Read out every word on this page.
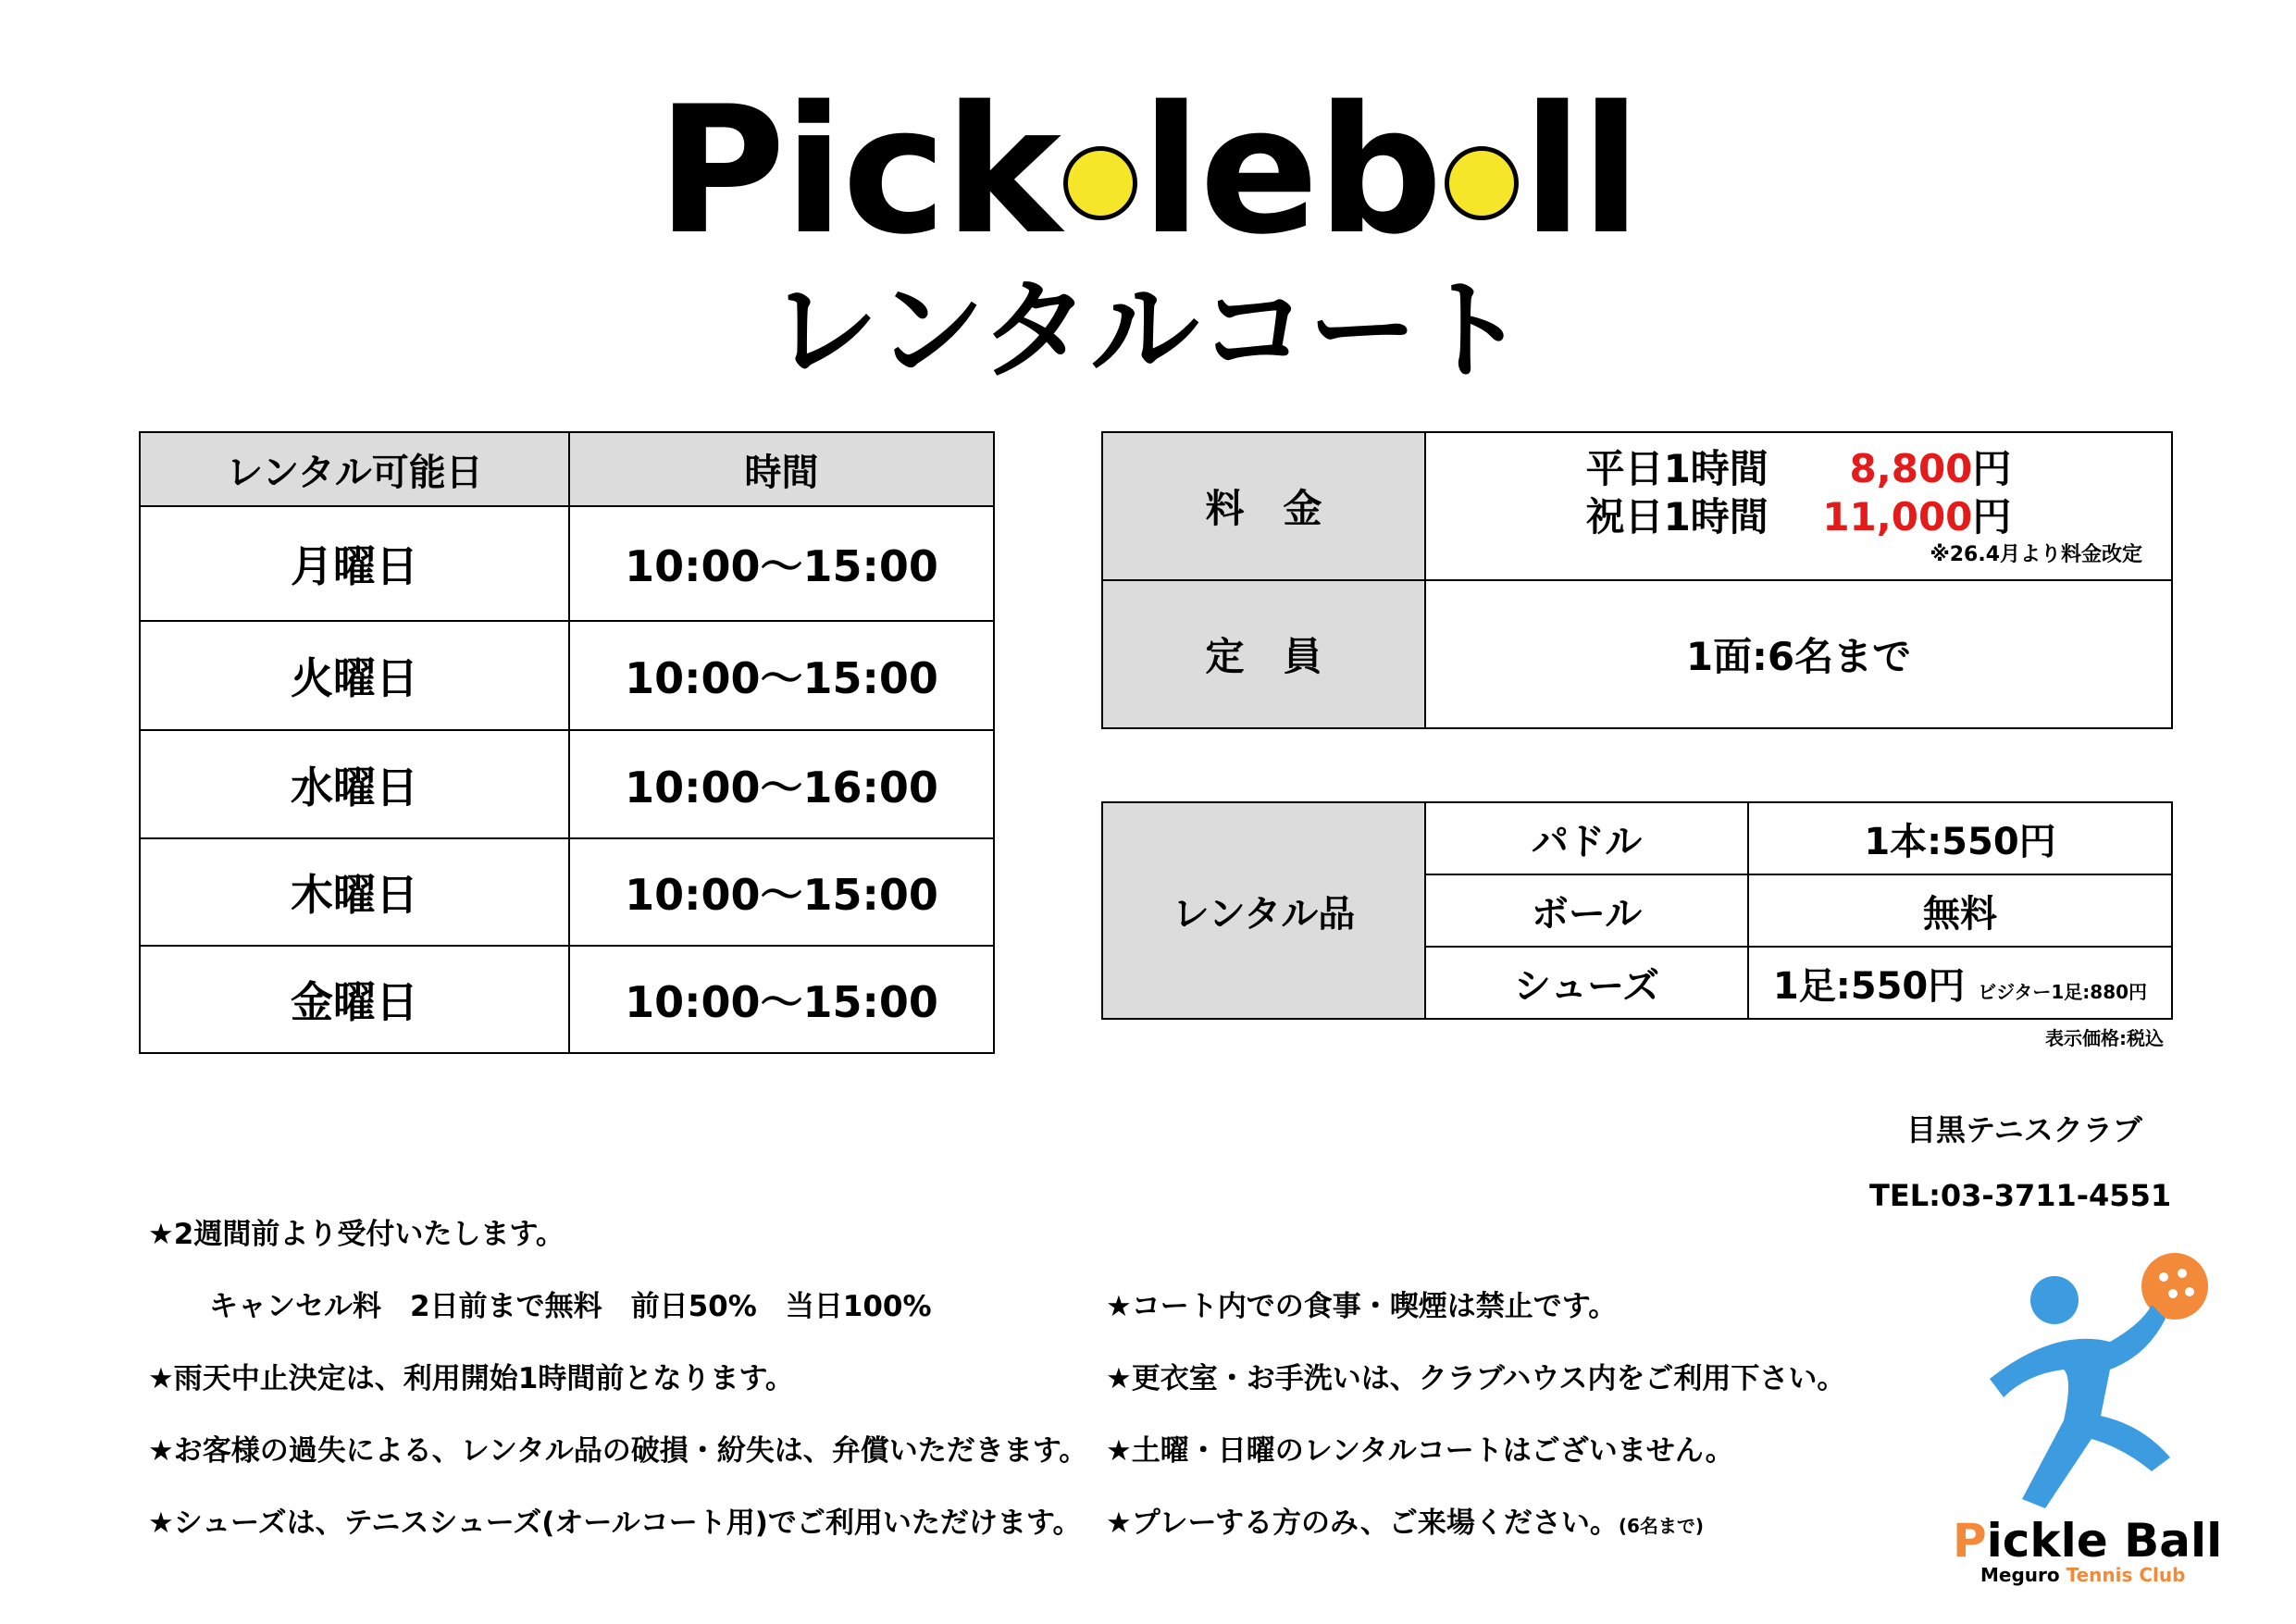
Pick leb ll
レンタルコート
レンタル可能日	時間
月曜日	10:00〜15:00
火曜日	10:00〜15:00
水曜日	10:00〜16:00
木曜日	10:00〜15:00
金曜日	10:00〜15:00
料　金	平日1時間 8,800円
祝日1時間 11,000円
※26.4月より料金改定

定　員	1面:6名まで
レンタル品	パドル	1本:550円
	ボール	無料
	シューズ	1足:550円 ビジター1足:880円
表示価格:税込
目黒テニスクラブ
TEL:03-3711-4551
★2週間前より受付いたします。
キャンセル料　2日前まで無料　前日50%　当日100%
★雨天中止決定は、利用開始1時間前となります。
★お客様の過失による、レンタル品の破損・紛失は、弁償いただきます。
★シューズは、テニスシューズ(オールコート用)でご利用いただけます。
★コート内での食事・喫煙は禁止です。
★更衣室・お手洗いは、クラブハウス内をご利用下さい。
★土曜・日曜のレンタルコートはございません。
★プレーする方のみ、ご来場ください。(6名まで)	Pickle Ball
Meguro Tennis Club
